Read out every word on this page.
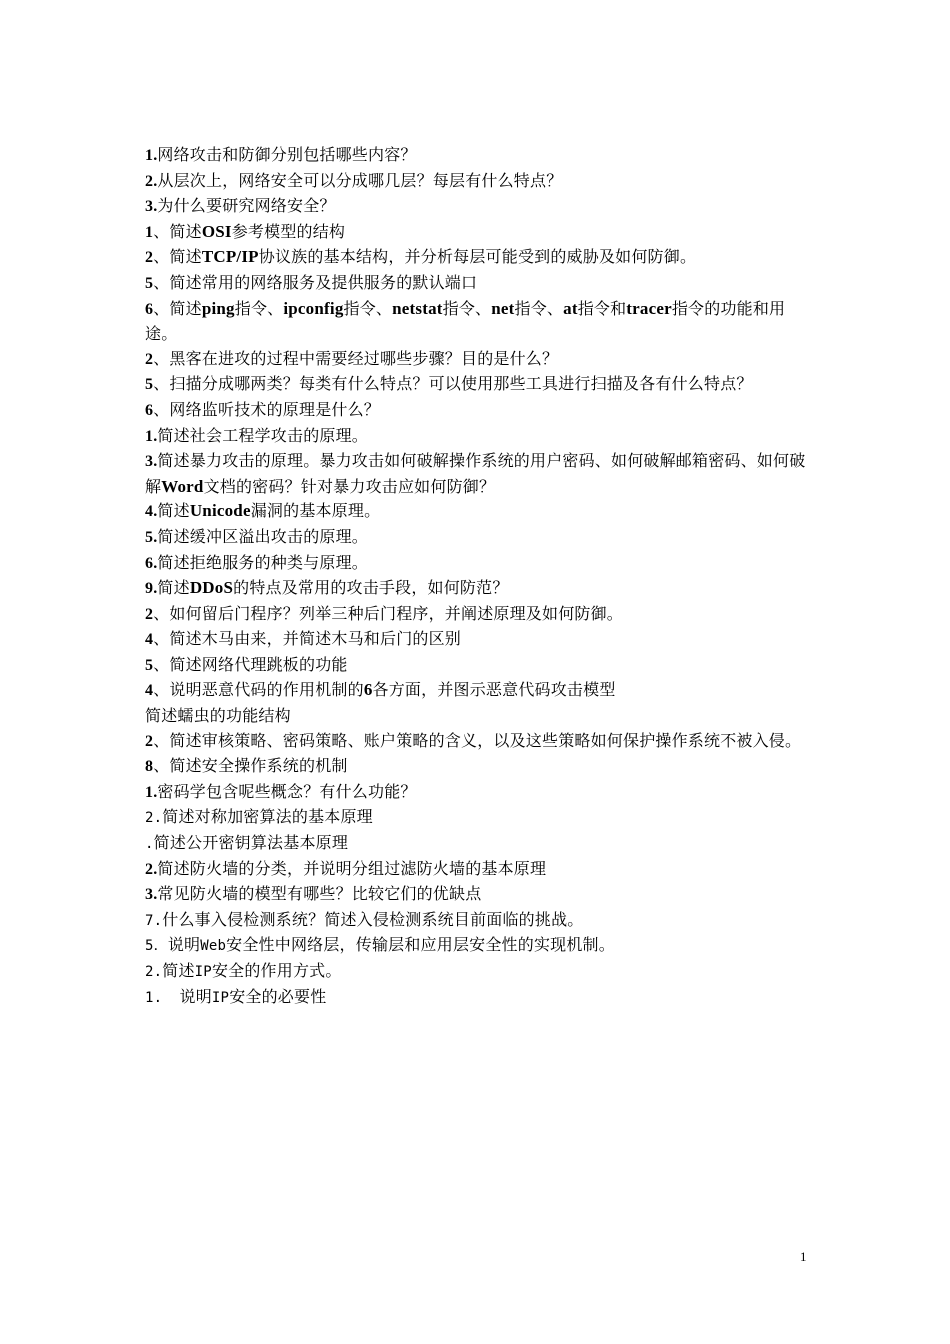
1.网络攻击和防御分别包括哪些内容？
2.从层次上，网络安全可以分成哪几层？每层有什么特点？
3.为什么要研究网络安全？
1、简述OSI参考模型的结构
2、简述TCP/IP协议族的基本结构，并分析每层可能受到的威胁及如何防御。
5、简述常用的网络服务及提供服务的默认端口
6、简述ping指令、ipconfig指令、netstat指令、net指令、at指令和tracer指令的功能和用途。
2、黑客在进攻的过程中需要经过哪些步骤？目的是什么？
5、扫描分成哪两类？每类有什么特点？可以使用那些工具进行扫描及各有什么特点？
6、网络监听技术的原理是什么？
1.简述社会工程学攻击的原理。
3.简述暴力攻击的原理。暴力攻击如何破解操作系统的用户密码、如何破解邮箱密码、如何破解Word文档的密码？针对暴力攻击应如何防御？
4.简述Unicode漏洞的基本原理。
5.简述缓冲区溢出攻击的原理。
6.简述拒绝服务的种类与原理。
9.简述DDoS的特点及常用的攻击手段，如何防范？
2、如何留后门程序？列举三种后门程序，并阐述原理及如何防御。
4、简述木马由来，并简述木马和后门的区别
5、简述网络代理跳板的功能
4、说明恶意代码的作用机制的6各方面，并图示恶意代码攻击模型
简述蠕虫的功能结构
2、简述审核策略、密码策略、账户策略的含义，以及这些策略如何保护操作系统不被入侵。
8、简述安全操作系统的机制
1.密码学包含呢些概念？有什么功能？
2.简述对称加密算法的基本原理
.简述公开密钥算法基本原理
2.简述防火墙的分类，并说明分组过滤防火墙的基本原理
3.常见防火墙的模型有哪些？比较它们的优缺点
7.什么事入侵检测系统？简述入侵检测系统目前面临的挑战。
5．说明Web安全性中网络层，传输层和应用层安全性的实现机制。
2.简述IP安全的作用方式。
1.  说明IP安全的必要性
1
